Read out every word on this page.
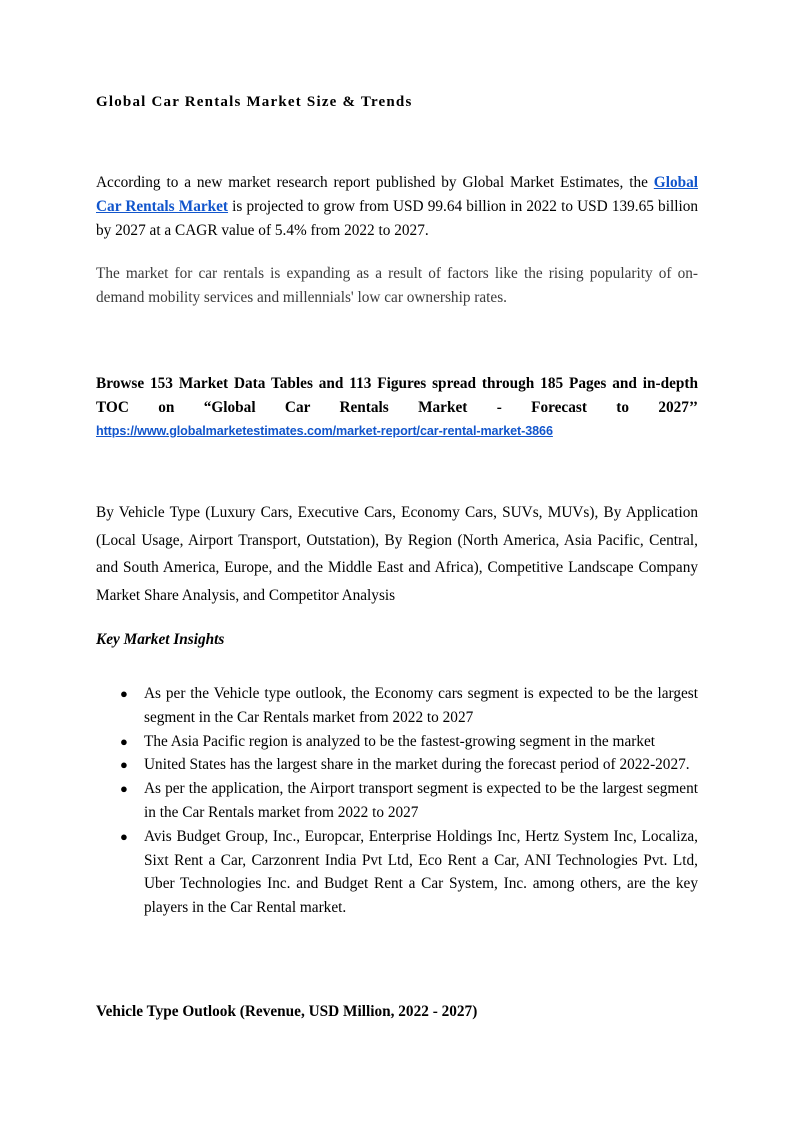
Global Car Rentals Market Size & Trends

According to a new market research report published by Global Market Estimates, the Global Car Rentals Market is projected to grow from USD 99.64 billion in 2022 to USD 139.65 billion by 2027 at a CAGR value of 5.4% from 2022 to 2027.

The market for car rentals is expanding as a result of factors like the rising popularity of on-demand mobility services and millennials' low car ownership rates.

Browse 153 Market Data Tables and 113 Figures spread through 185 Pages and in-depth TOC on “Global Car Rentals Market - Forecast to 2027’’

https://www.globalmarketestimates.com/market-report/car-rental-market-3866

By Vehicle Type (Luxury Cars, Executive Cars, Economy Cars, SUVs, MUVs), By Application (Local Usage, Airport Transport, Outstation), By Region (North America, Asia Pacific, Central, and South America, Europe, and the Middle East and Africa), Competitive Landscape Company Market Share Analysis, and Competitor Analysis

Key Market Insights
● As per the Vehicle type outlook, the Economy cars segment is expected to be the largest segment in the Car Rentals market from 2022 to 2027
● The Asia Pacific region is analyzed to be the fastest-growing segment in the market
● United States has the largest share in the market during the forecast period of 2022-2027.
● As per the application, the Airport transport segment is expected to be the largest segment in the Car Rentals market from 2022 to 2027
● Avis Budget Group, Inc., Europcar, Enterprise Holdings Inc, Hertz System Inc, Localiza, Sixt Rent a Car, Carzonrent India Pvt Ltd, Eco Rent a Car, ANI Technologies Pvt. Ltd, Uber Technologies Inc. and Budget Rent a Car System, Inc. among others, are the key players in the Car Rental market.
Vehicle Type Outlook (Revenue, USD Million, 2022 - 2027)
